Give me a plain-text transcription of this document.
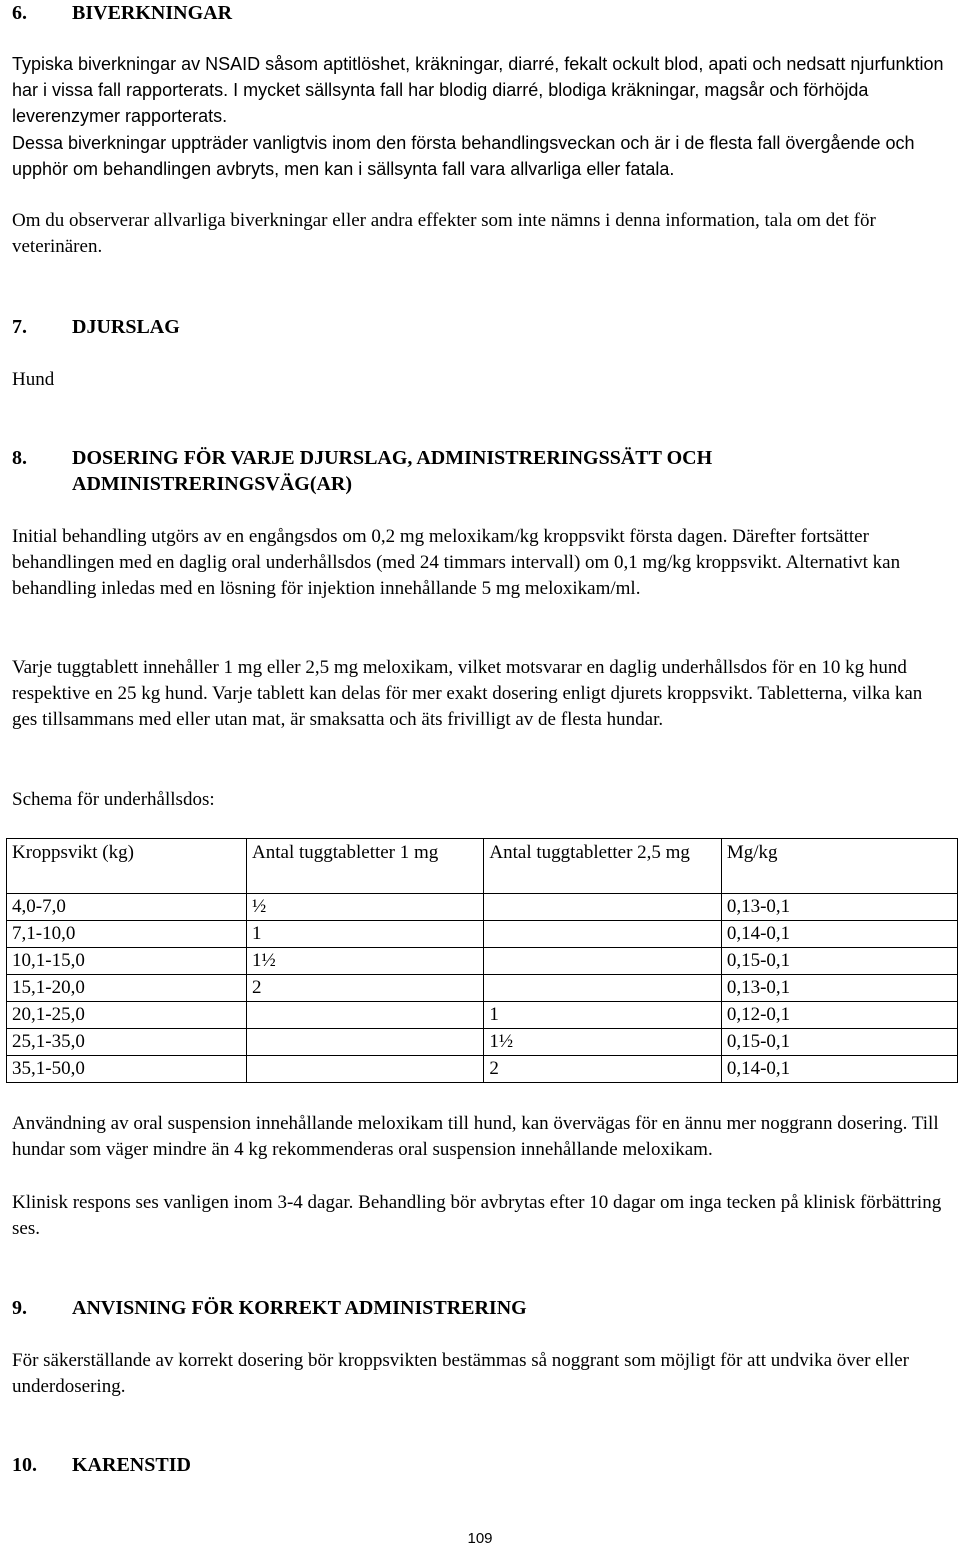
6. BIVERKNINGAR

Typiska biverkningar av NSAID såsom aptitlöshet, kräkningar, diarré, fekalt ockult blod, apati och nedsatt njurfunktion har i vissa fall rapporterats. I mycket sällsynta fall har blodig diarré, blodiga kräkningar, magsår och förhöjda leverenzymer rapporterats.

Dessa biverkningar uppträder vanligtvis inom den första behandlingsveckan och är i de flesta fall övergående och upphör om behandlingen avbryts, men kan i sällsynta fall vara allvarliga eller fatala.

Om du observerar allvarliga biverkningar eller andra effekter som inte nämns i denna information, tala om det för veterinären.

7. DJURSLAG

Hund

8.	DOSERING FÖR VARJE DJURSLAG, ADMINISTRERINGSSÄTT OCH ADMINISTRERINGSVÄG(AR)

Initial behandling utgörs av en engångsdos om 0,2 mg meloxikam/kg kroppsvikt första dagen. Därefter fortsätter behandlingen med en daglig oral underhållsdos (med 24 timmars intervall) om 0,1 mg/kg kroppsvikt. Alternativt kan behandling inledas med en lösning för injektion innehållande 5 mg meloxikam/ml.

Varje tuggtablett innehåller 1 mg eller 2,5 mg meloxikam, vilket motsvarar en daglig underhållsdos för en 10 kg hund respektive en 25 kg hund. Varje tablett kan delas för mer exakt dosering enligt djurets kroppsvikt. Tabletterna, vilka kan ges tillsammans med eller utan mat, är smaksatta och äts frivilligt av de flesta hundar.

Schema för underhållsdos:

Kroppsvikt (kg)	Antal tuggtabletter 1 mg	Antal tuggtabletter 2,5 mg	Mg/kg
4,0-7,0	½		0,13-0,1
7,1-10,0	1		0,14-0,1
10,1-15,0	1½		0,15-0,1
15,1-20,0	2		0,13-0,1
20,1-25,0		1	0,12-0,1
25,1-35,0		1½	0,15-0,1
35,1-50,0		2	0,14-0,1

Användning av oral suspension innehållande meloxikam till hund, kan övervägas för en ännu mer noggrann dosering. Till hundar som väger mindre än 4 kg rekommenderas oral suspension innehållande meloxikam.

Klinisk respons ses vanligen inom 3-4 dagar. Behandling bör avbrytas efter 10 dagar om inga tecken på klinisk förbättring ses.

9. ANVISNING FÖR KORREKT ADMINISTRERING

För säkerställande av korrekt dosering bör kroppsvikten bestämmas så noggrant som möjligt för att undvika över eller underdosering.

10. KARENSTID
109
